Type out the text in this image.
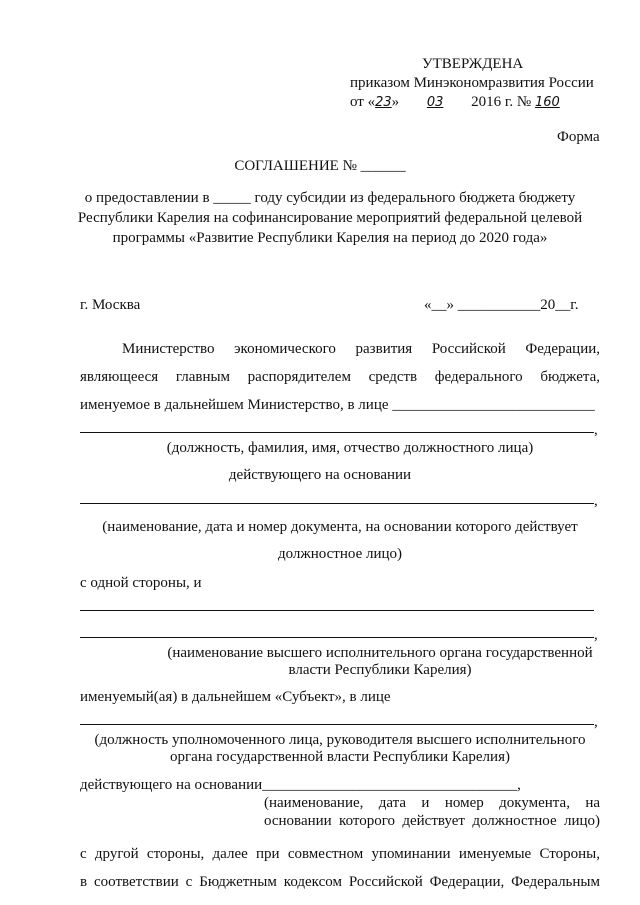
УТВЕРЖДЕНА
приказом Минэкономразвития России
от «23» 03 2016 г. № 160
Форма
СОГЛАШЕНИЕ № ______
о предоставлении в _____ году субсидии из федерального бюджета бюджету
Республики Карелия на софинансирование мероприятий федеральной целевой
программы «Развитие Республики Карелия на период до 2020 года»
г. Москва	«__» ___________20__г.
Министерство экономического развития Российской Федерации,
являющееся главным распорядителем средств федерального бюджета,
именуемое в дальнейшем Министерство, в лице ___________________________
,
(должность, фамилия, имя, отчество должностного лица)
действующего на основании
,
(наименование, дата и номер документа, на основании которого действует
должностное лицо)
с одной стороны, и
,
(наименование высшего исполнительного органа государственной
власти Республики Карелия)
именуемый(ая) в дальнейшем «Субъект», в лице
,
(должность уполномоченного лица, руководителя высшего исполнительного
органа государственной власти Республики Карелия)
действующего на основании__________________________________,
(наименование, дата и номер документа, на
основании которого действует должностное лицо)
с другой стороны, далее при совместном упоминании именуемые Стороны,
в соответствии с Бюджетным кодексом Российской Федерации, Федеральным
